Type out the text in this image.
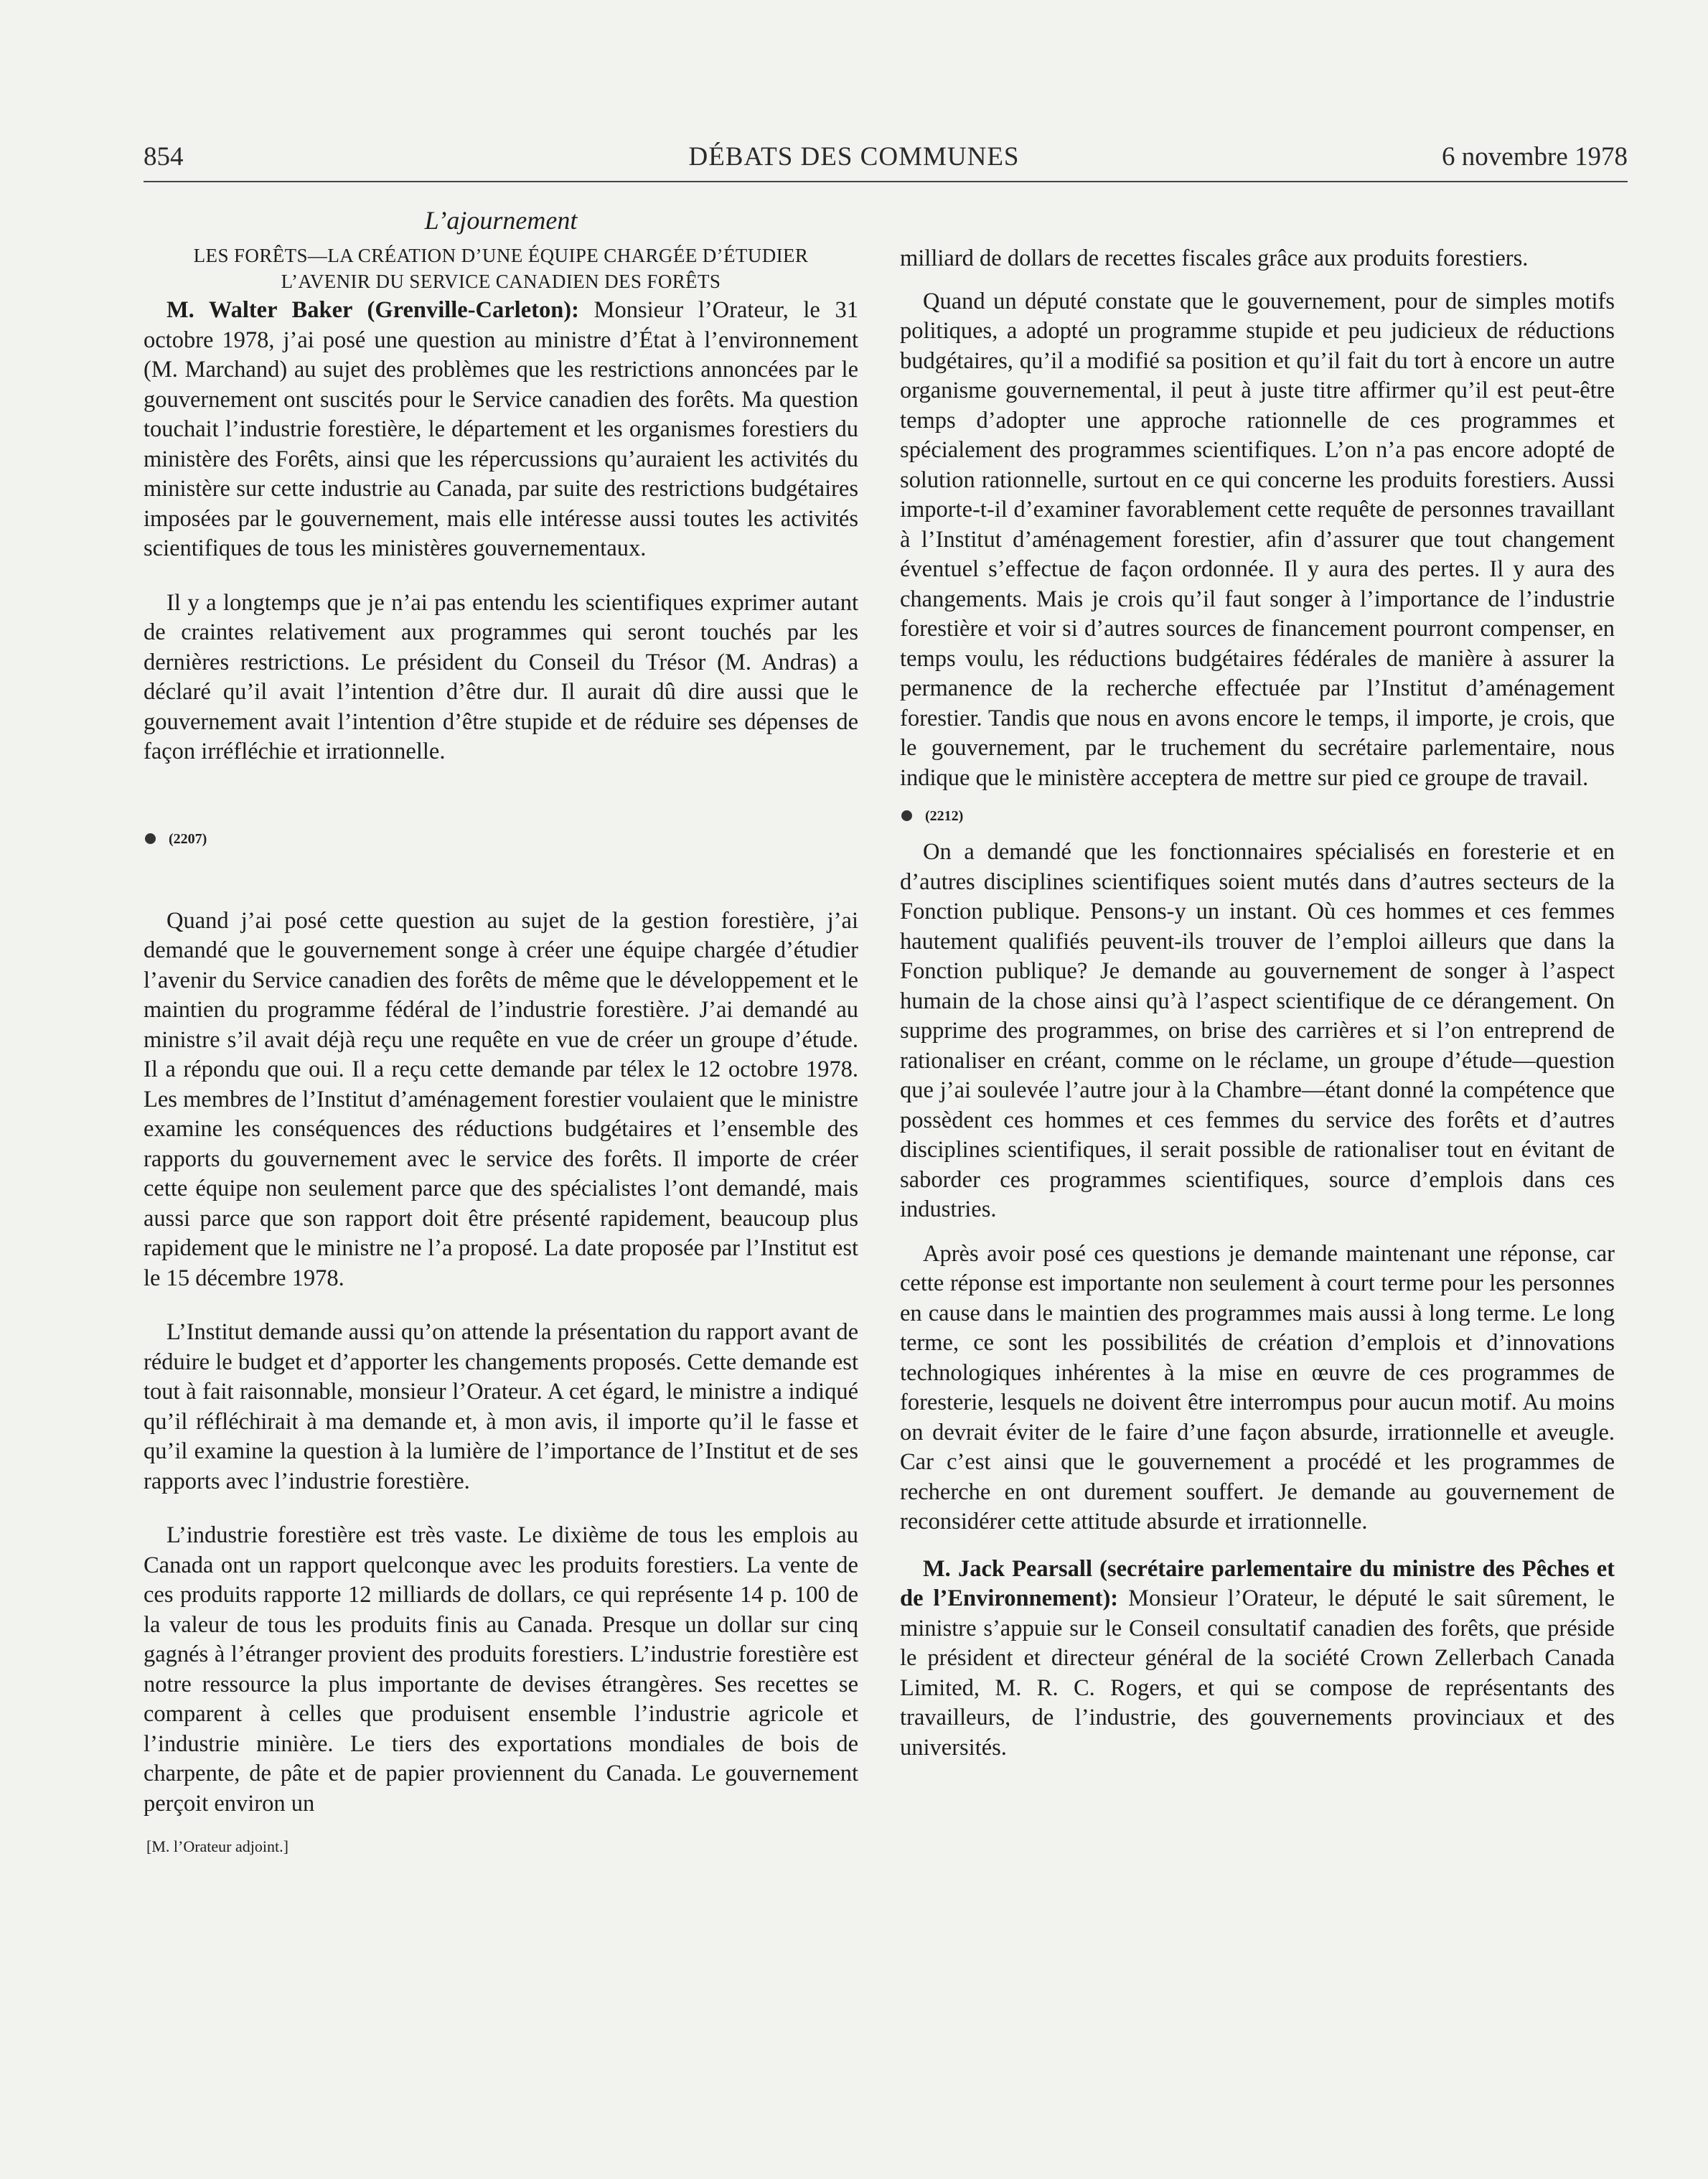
854	DÉBATS DES COMMUNES	6 novembre 1978

L’ajournement

LES FORÊTS—LA CRÉATION D’UNE ÉQUIPE CHARGÉE D’ÉTUDIER

L’AVENIR DU SERVICE CANADIEN DES FORÊTS

M. Walter Baker (Grenville-Carleton): Monsieur l’Orateur, le 31 octobre 1978, j’ai posé une question au ministre d’État à l’environnement (M. Marchand) au sujet des problèmes que les restrictions annoncées par le gouvernement ont suscités pour le Service canadien des forêts. Ma question touchait l’industrie forestière, le département et les organismes forestiers du ministère des Forêts, ainsi que les répercussions qu’auraient les activités du ministère sur cette industrie au Canada, par suite des restrictions budgétaires imposées par le gouvernement, mais elle intéresse aussi toutes les activités scientifiques de tous les ministères gouvernementaux.

Il y a longtemps que je n’ai pas entendu les scientifiques exprimer autant de craintes relativement aux programmes qui seront touchés par les dernières restrictions. Le président du Conseil du Trésor (M. Andras) a déclaré qu’il avait l’intention d’être dur. Il aurait dû dire aussi que le gouvernement avait l’intention d’être stupide et de réduire ses dépenses de façon irréfléchie et irrationnelle.

(2207)

Quand j’ai posé cette question au sujet de la gestion forestière, j’ai demandé que le gouvernement songe à créer une équipe chargée d’étudier l’avenir du Service canadien des forêts de même que le développement et le maintien du programme fédéral de l’industrie forestière. J’ai demandé au ministre s’il avait déjà reçu une requête en vue de créer un groupe d’étude. Il a répondu que oui. Il a reçu cette demande par télex le 12 octobre 1978. Les membres de l’Institut d’aménagement forestier voulaient que le ministre examine les conséquences des réductions budgétaires et l’ensemble des rapports du gouvernement avec le service des forêts. Il importe de créer cette équipe non seulement parce que des spécialistes l’ont demandé, mais aussi parce que son rapport doit être présenté rapidement, beaucoup plus rapidement que le ministre ne l’a proposé. La date proposée par l’Institut est le 15 décembre 1978.

L’Institut demande aussi qu’on attende la présentation du rapport avant de réduire le budget et d’apporter les changements proposés. Cette demande est tout à fait raisonnable, monsieur l’Orateur. A cet égard, le ministre a indiqué qu’il réfléchirait à ma demande et, à mon avis, il importe qu’il le fasse et qu’il examine la question à la lumière de l’importance de l’Institut et de ses rapports avec l’industrie forestière.

L’industrie forestière est très vaste. Le dixième de tous les emplois au Canada ont un rapport quelconque avec les produits forestiers. La vente de ces produits rapporte 12 milliards de dollars, ce qui représente 14 p. 100 de la valeur de tous les produits finis au Canada. Presque un dollar sur cinq gagnés à l’étranger provient des produits forestiers. L’industrie forestière est notre ressource la plus importante de devises étrangères. Ses recettes se comparent à celles que produisent ensemble l’industrie agricole et l’industrie minière. Le tiers des exportations mondiales de bois de charpente, de pâte et de papier proviennent du Canada. Le gouvernement perçoit environ un

[M. l’Orateur adjoint.]

milliard de dollars de recettes fiscales grâce aux produits forestiers.

Quand un député constate que le gouvernement, pour de simples motifs politiques, a adopté un programme stupide et peu judicieux de réductions budgétaires, qu’il a modifié sa position et qu’il fait du tort à encore un autre organisme gouvernemental, il peut à juste titre affirmer qu’il est peut-être temps d’adopter une approche rationnelle de ces programmes et spécialement des programmes scientifiques. L’on n’a pas encore adopté de solution rationnelle, surtout en ce qui concerne les produits forestiers. Aussi importe-t-il d’examiner favorablement cette requête de personnes travaillant à l’Institut d’aménagement forestier, afin d’assurer que tout changement éventuel s’effectue de façon ordonnée. Il y aura des pertes. Il y aura des changements. Mais je crois qu’il faut songer à l’importance de l’industrie forestière et voir si d’autres sources de financement pourront compenser, en temps voulu, les réductions budgétaires fédérales de manière à assurer la permanence de la recherche effectuée par l’Institut d’aménagement forestier. Tandis que nous en avons encore le temps, il importe, je crois, que le gouvernement, par le truchement du secrétaire parlementaire, nous indique que le ministère acceptera de mettre sur pied ce groupe de travail.

(2212)

On a demandé que les fonctionnaires spécialisés en foresterie et en d’autres disciplines scientifiques soient mutés dans d’autres secteurs de la Fonction publique. Pensons-y un instant. Où ces hommes et ces femmes hautement qualifiés peuvent-ils trouver de l’emploi ailleurs que dans la Fonction publique? Je demande au gouvernement de songer à l’aspect humain de la chose ainsi qu’à l’aspect scientifique de ce dérangement. On supprime des programmes, on brise des carrières et si l’on entreprend de rationaliser en créant, comme on le réclame, un groupe d’étude—question que j’ai soulevée l’autre jour à la Chambre—étant donné la compétence que possèdent ces hommes et ces femmes du service des forêts et d’autres disciplines scientifiques, il serait possible de rationaliser tout en évitant de saborder ces programmes scientifiques, source d’emplois dans ces industries.

Après avoir posé ces questions je demande maintenant une réponse, car cette réponse est importante non seulement à court terme pour les personnes en cause dans le maintien des programmes mais aussi à long terme. Le long terme, ce sont les possibilités de création d’emplois et d’innovations technologiques inhérentes à la mise en œuvre de ces programmes de foresterie, lesquels ne doivent être interrompus pour aucun motif. Au moins on devrait éviter de le faire d’une façon absurde, irrationnelle et aveugle. Car c’est ainsi que le gouvernement a procédé et les programmes de recherche en ont durement souffert. Je demande au gouvernement de reconsidérer cette attitude absurde et irrationnelle.

M. Jack Pearsall (secrétaire parlementaire du ministre des Pêches et de l’Environnement): Monsieur l’Orateur, le député le sait sûrement, le ministre s’appuie sur le Conseil consultatif canadien des forêts, que préside le président et directeur général de la société Crown Zellerbach Canada Limited, M. R. C. Rogers, et qui se compose de représentants des travailleurs, de l’industrie, des gouvernements provinciaux et des universités.
